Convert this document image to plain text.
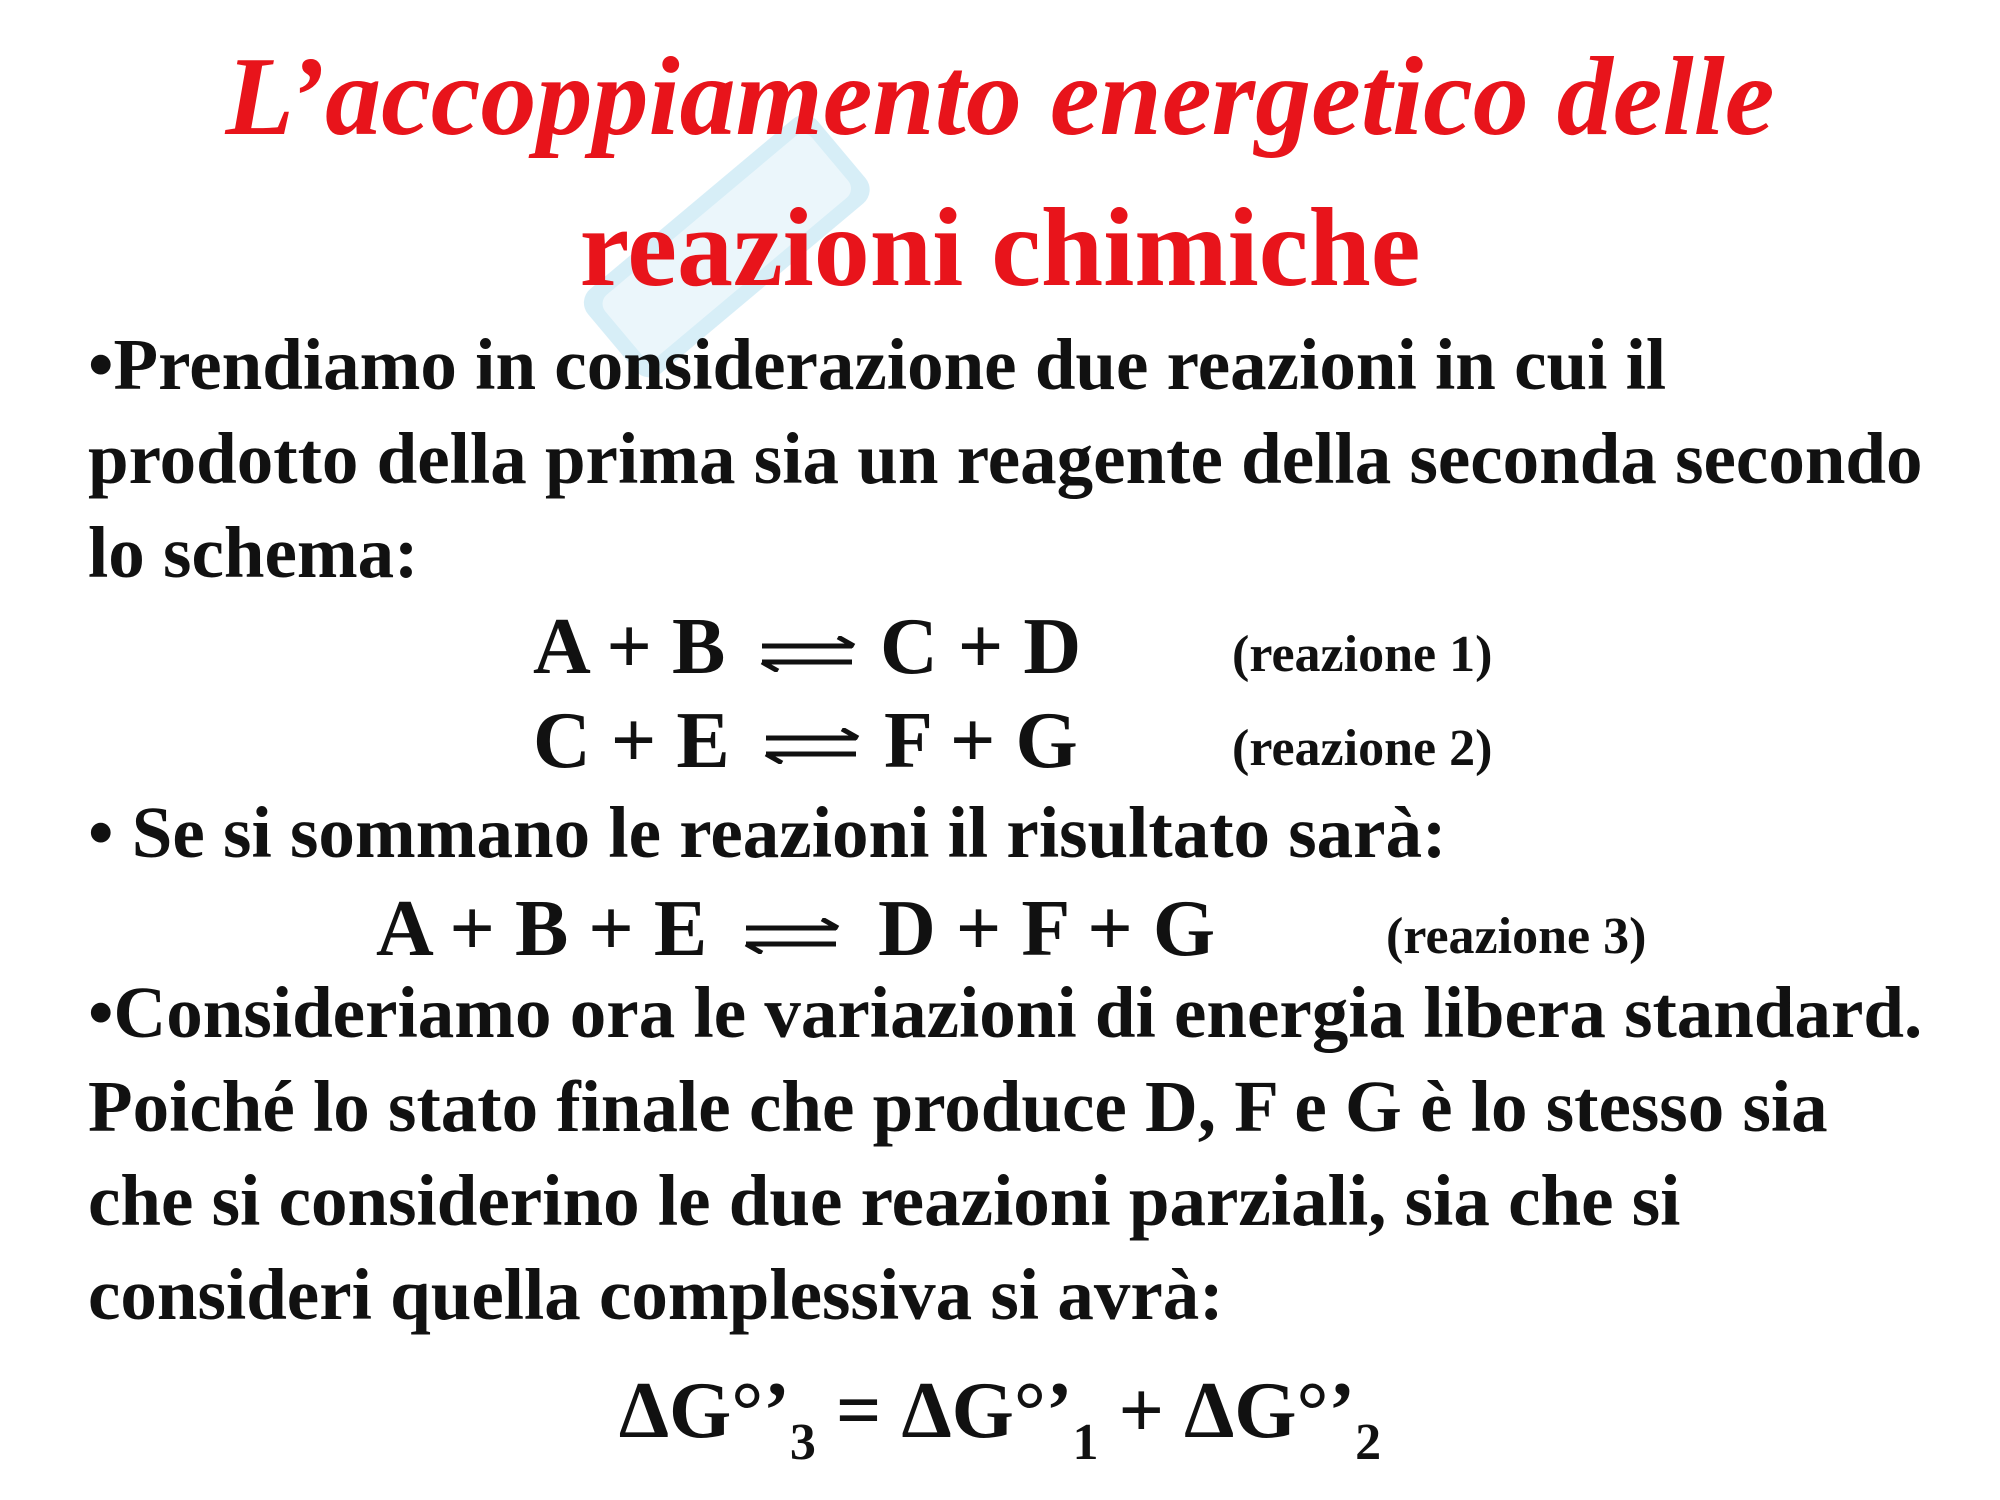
L’accoppiamento energetico delle
reazioni chimiche

•Prendiamo in considerazione due reazioni in cui il prodotto della prima sia un reagente della seconda secondo lo schema:

A + B C + D	(reazione 1)
C + E F + G	(reazione 2)

• Se si sommano le reazioni il risultato sarà:

A + B + E D + F + G	(reazione 3)

•Consideriamo ora le variazioni di energia libera standard. Poiché lo stato finale che produce D, F e G è lo stesso sia che si considerino le due reazioni parziali, sia che si consideri quella complessiva si avrà:

$\Delta G^\circ’_3$ = $\Delta G^\circ’_1$ + $\Delta G^\circ’_2$
